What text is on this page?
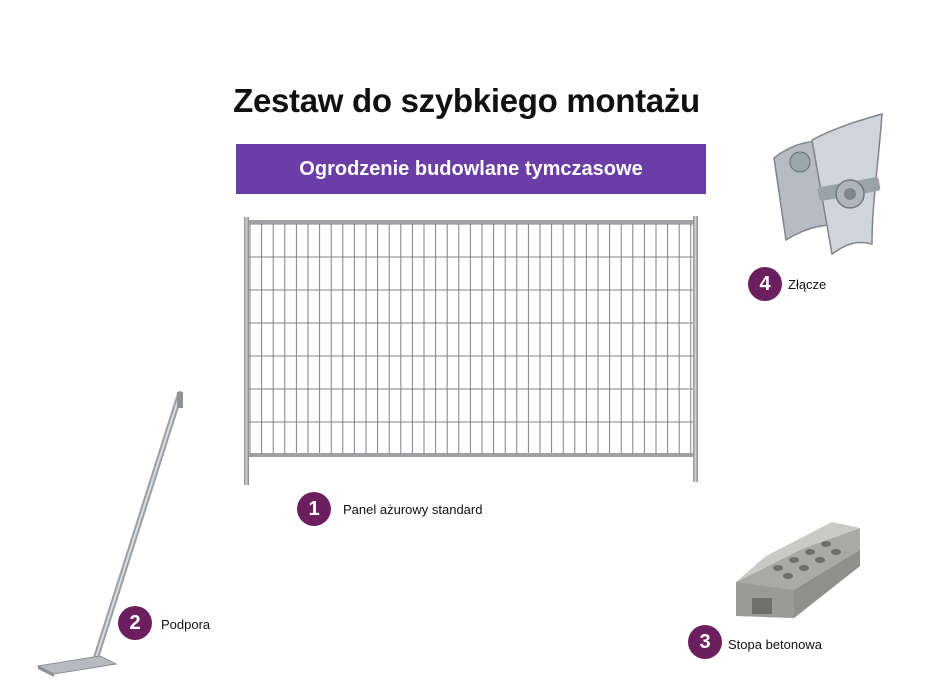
Zestaw do szybkiego montażu
Ogrodzenie budowlane tymczasowe
1	Panel ażurowy standard
2	Podpora
3	Stopa betonowa
4	Złącze
